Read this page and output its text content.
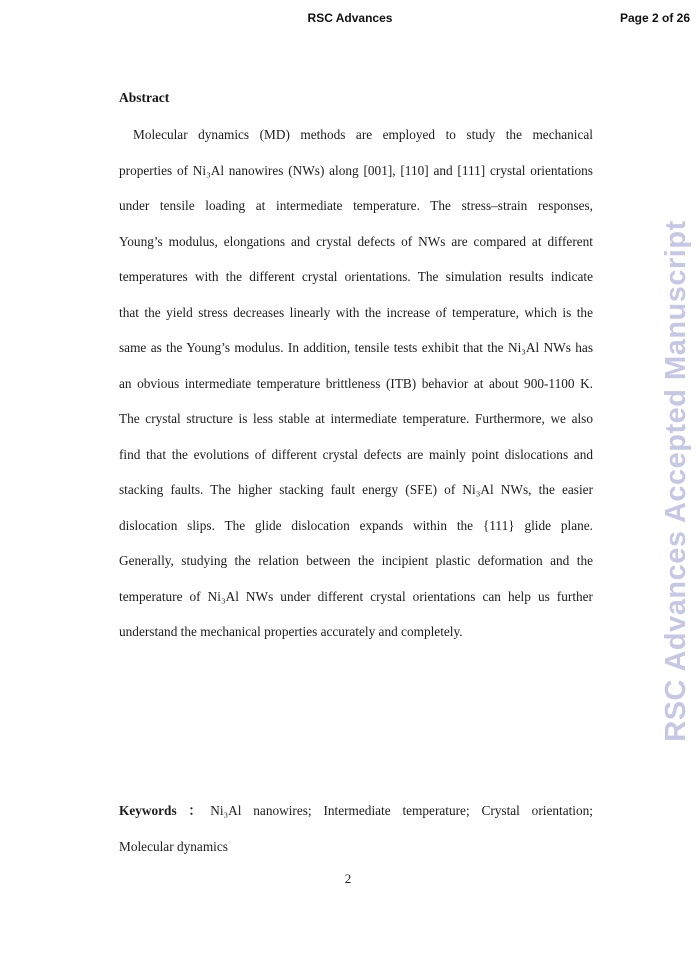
RSC Advances	Page 2 of 26
RSC Advances Accepted Manuscript
Abstract
Molecular dynamics (MD) methods are employed to study the mechanical
properties of Ni₃Al nanowires (NWs) along [001], [110] and [111] crystal orientations
under tensile loading at intermediate temperature. The stress–strain responses,
Young’s modulus, elongations and crystal defects of NWs are compared at different
temperatures with the different crystal orientations. The simulation results indicate
that the yield stress decreases linearly with the increase of temperature, which is the
same as the Young’s modulus. In addition, tensile tests exhibit that the Ni₃Al NWs has
an obvious intermediate temperature brittleness (ITB) behavior at about 900-1100 K.
The crystal structure is less stable at intermediate temperature. Furthermore, we also
find that the evolutions of different crystal defects are mainly point dislocations and
stacking faults. The higher stacking fault energy (SFE) of Ni₃Al NWs, the easier
dislocation slips. The glide dislocation expands within the {111} glide plane.
Generally, studying the relation between the incipient plastic deformation and the
temperature of Ni₃Al NWs under different crystal orientations can help us further
understand the mechanical properties accurately and completely.
Keywords ：Ni₃Al nanowires; Intermediate temperature; Crystal orientation;
Molecular dynamics
2
